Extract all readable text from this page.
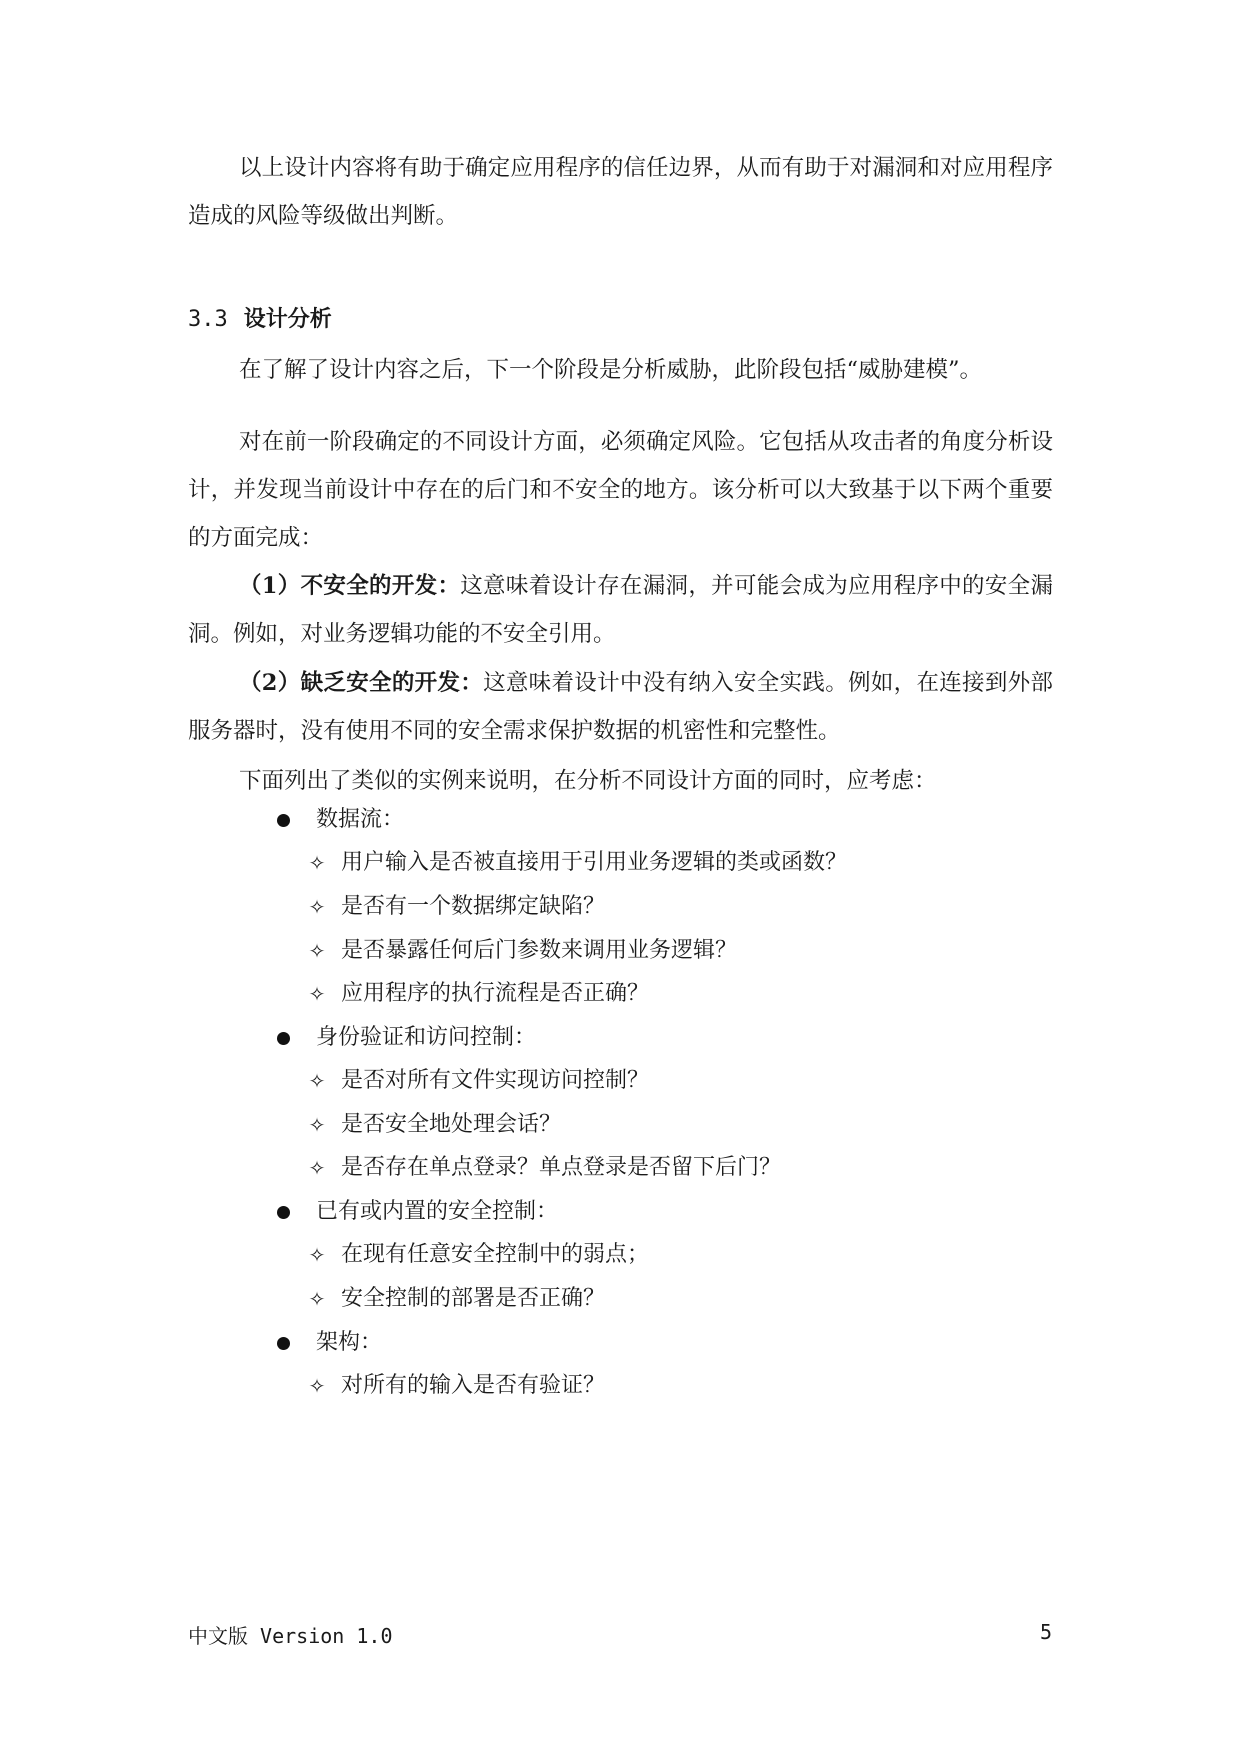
以上设计内容将有助于确定应用程序的信任边界，从而有助于对漏洞和对应用程序造成的风险等级做出判断。

3.3 设计分析

在了解了设计内容之后，下一个阶段是分析威胁，此阶段包括“威胁建模”。

对在前一阶段确定的不同设计方面，必须确定风险。它包括从攻击者的角度分析设计，并发现当前设计中存在的后门和不安全的地方。该分析可以大致基于以下两个重要的方面完成：

（1）不安全的开发：这意味着设计存在漏洞，并可能会成为应用程序中的安全漏洞。例如，对业务逻辑功能的不安全引用。

（2）缺乏安全的开发：这意味着设计中没有纳入安全实践。例如，在连接到外部服务器时，没有使用不同的安全需求保护数据的机密性和完整性。

下面列出了类似的实例来说明，在分析不同设计方面的同时，应考虑：

数据流：
✧ 用户输入是否被直接用于引用业务逻辑的类或函数？
✧ 是否有一个数据绑定缺陷？
✧ 是否暴露任何后门参数来调用业务逻辑？
✧ 应用程序的执行流程是否正确？
身份验证和访问控制：
✧ 是否对所有文件实现访问控制？
✧ 是否安全地处理会话？
✧ 是否存在单点登录？单点登录是否留下后门？
已有或内置的安全控制：
✧ 在现有任意安全控制中的弱点；
✧ 安全控制的部署是否正确？
架构：
✧ 对所有的输入是否有验证？
中文版 Version 1.0	5
